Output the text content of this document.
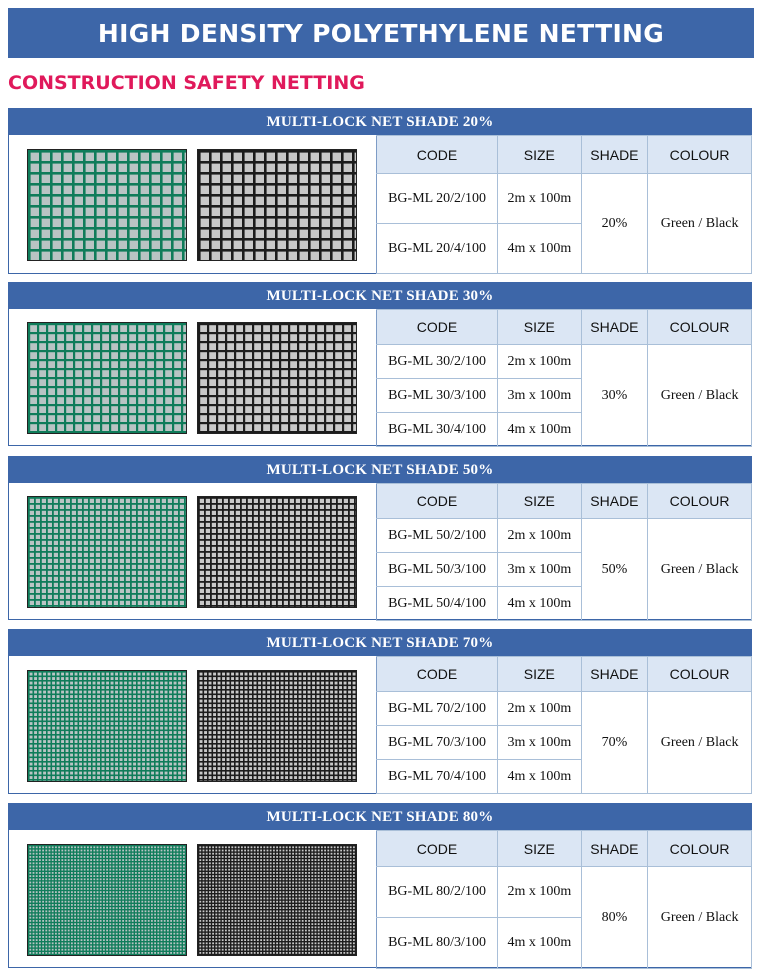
HIGH DENSITY POLYETHYLENE NETTING
CONSTRUCTION SAFETY NETTING
MULTI-LOCK NET SHADE 20%
CODE	SIZE	SHADE	COLOUR
BG-ML 20/2/100	2m x 100m	20%	Green / Black
BG-ML 20/4/100	4m x 100m		
MULTI-LOCK NET SHADE 30%
CODE	SIZE	SHADE	COLOUR
BG-ML 30/2/100	2m x 100m	30%	Green / Black
BG-ML 30/3/100	3m x 100m		
BG-ML 30/4/100	4m x 100m		
MULTI-LOCK NET SHADE 50%
CODE	SIZE	SHADE	COLOUR
BG-ML 50/2/100	2m x 100m	50%	Green / Black
BG-ML 50/3/100	3m x 100m		
BG-ML 50/4/100	4m x 100m		
MULTI-LOCK NET SHADE 70%
CODE	SIZE	SHADE	COLOUR
BG-ML 70/2/100	2m x 100m	70%	Green / Black
BG-ML 70/3/100	3m x 100m		
BG-ML 70/4/100	4m x 100m		
MULTI-LOCK NET SHADE 80%
CODE	SIZE	SHADE	COLOUR
BG-ML 80/2/100	2m x 100m	80%	Green / Black
BG-ML 80/3/100	4m x 100m		
